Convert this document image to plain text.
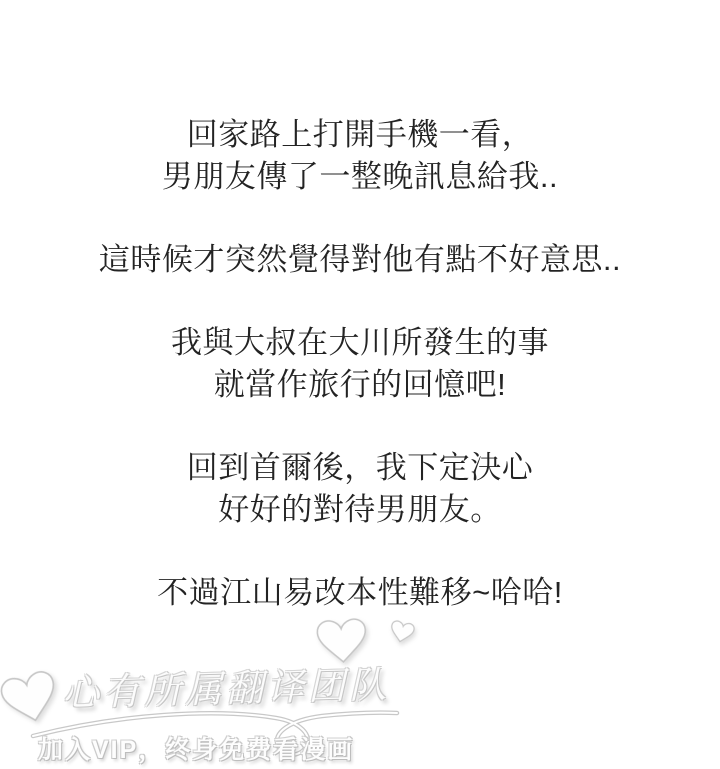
回家路上打開手機一看，
男朋友傳了一整晚訊息給我..

這時候才突然覺得對他有點不好意思..

我與大叔在大川所發生的事
就當作旅行的回憶吧!

回到首爾後，我下定決心
好好的對待男朋友。

不過江山易改本性難移~哈哈!

心有所属翻译团队
加入VIP，终身免费看漫画
